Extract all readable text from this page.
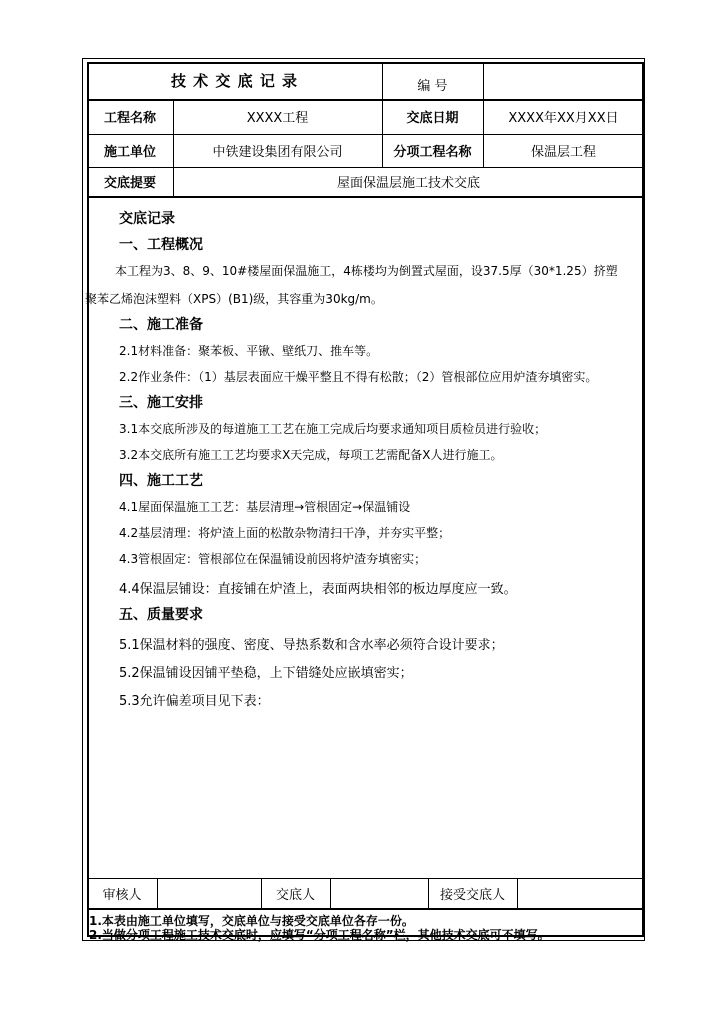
技 术 交 底 记 录	编 号
工程名称	XXXX工程	交底日期	XXXX年XX月XX日
施工单位	中铁建设集团有限公司	分项工程名称	保温层工程
交底提要	屋面保温层施工技术交底
交底记录
一、工程概况
本工程为3、8、9、10#楼屋面保温施工，4栋楼均为倒置式屋面，设37.5厚（30*1.25）挤塑
聚苯乙烯泡沫塑料（XPS）(B1)级，其容重为30kg/m。
二、施工准备
2.1材料准备：聚苯板、平锹、壁纸刀、推车等。
2.2作业条件：（1）基层表面应干燥平整且不得有松散；（2）管根部位应用炉渣夯填密实。
三、施工安排
3.1本交底所涉及的每道施工工艺在施工完成后均要求通知项目质检员进行验收；
3.2本交底所有施工工艺均要求X天完成，每项工艺需配备X人进行施工。
四、施工工艺
4.1屋面保温施工工艺：基层清理→管根固定→保温铺设
4.2基层清理：将炉渣上面的松散杂物清扫干净，并夯实平整；
4.3管根固定：管根部位在保温铺设前因将炉渣夯填密实；
4.4保温层铺设：直接铺在炉渣上，表面两块相邻的板边厚度应一致。
五、质量要求
5.1保温材料的强度、密度、导热系数和含水率必须符合设计要求；
5.2保温铺设因铺平垫稳，上下错缝处应嵌填密实；
5.3允许偏差项目见下表：
审核人	交底人	接受交底人
1.本表由施工单位填写，交底单位与接受交底单位各存一份。
2.当做分项工程施工技术交底时，应填写“分项工程名称”栏，其他技术交底可不填写。
